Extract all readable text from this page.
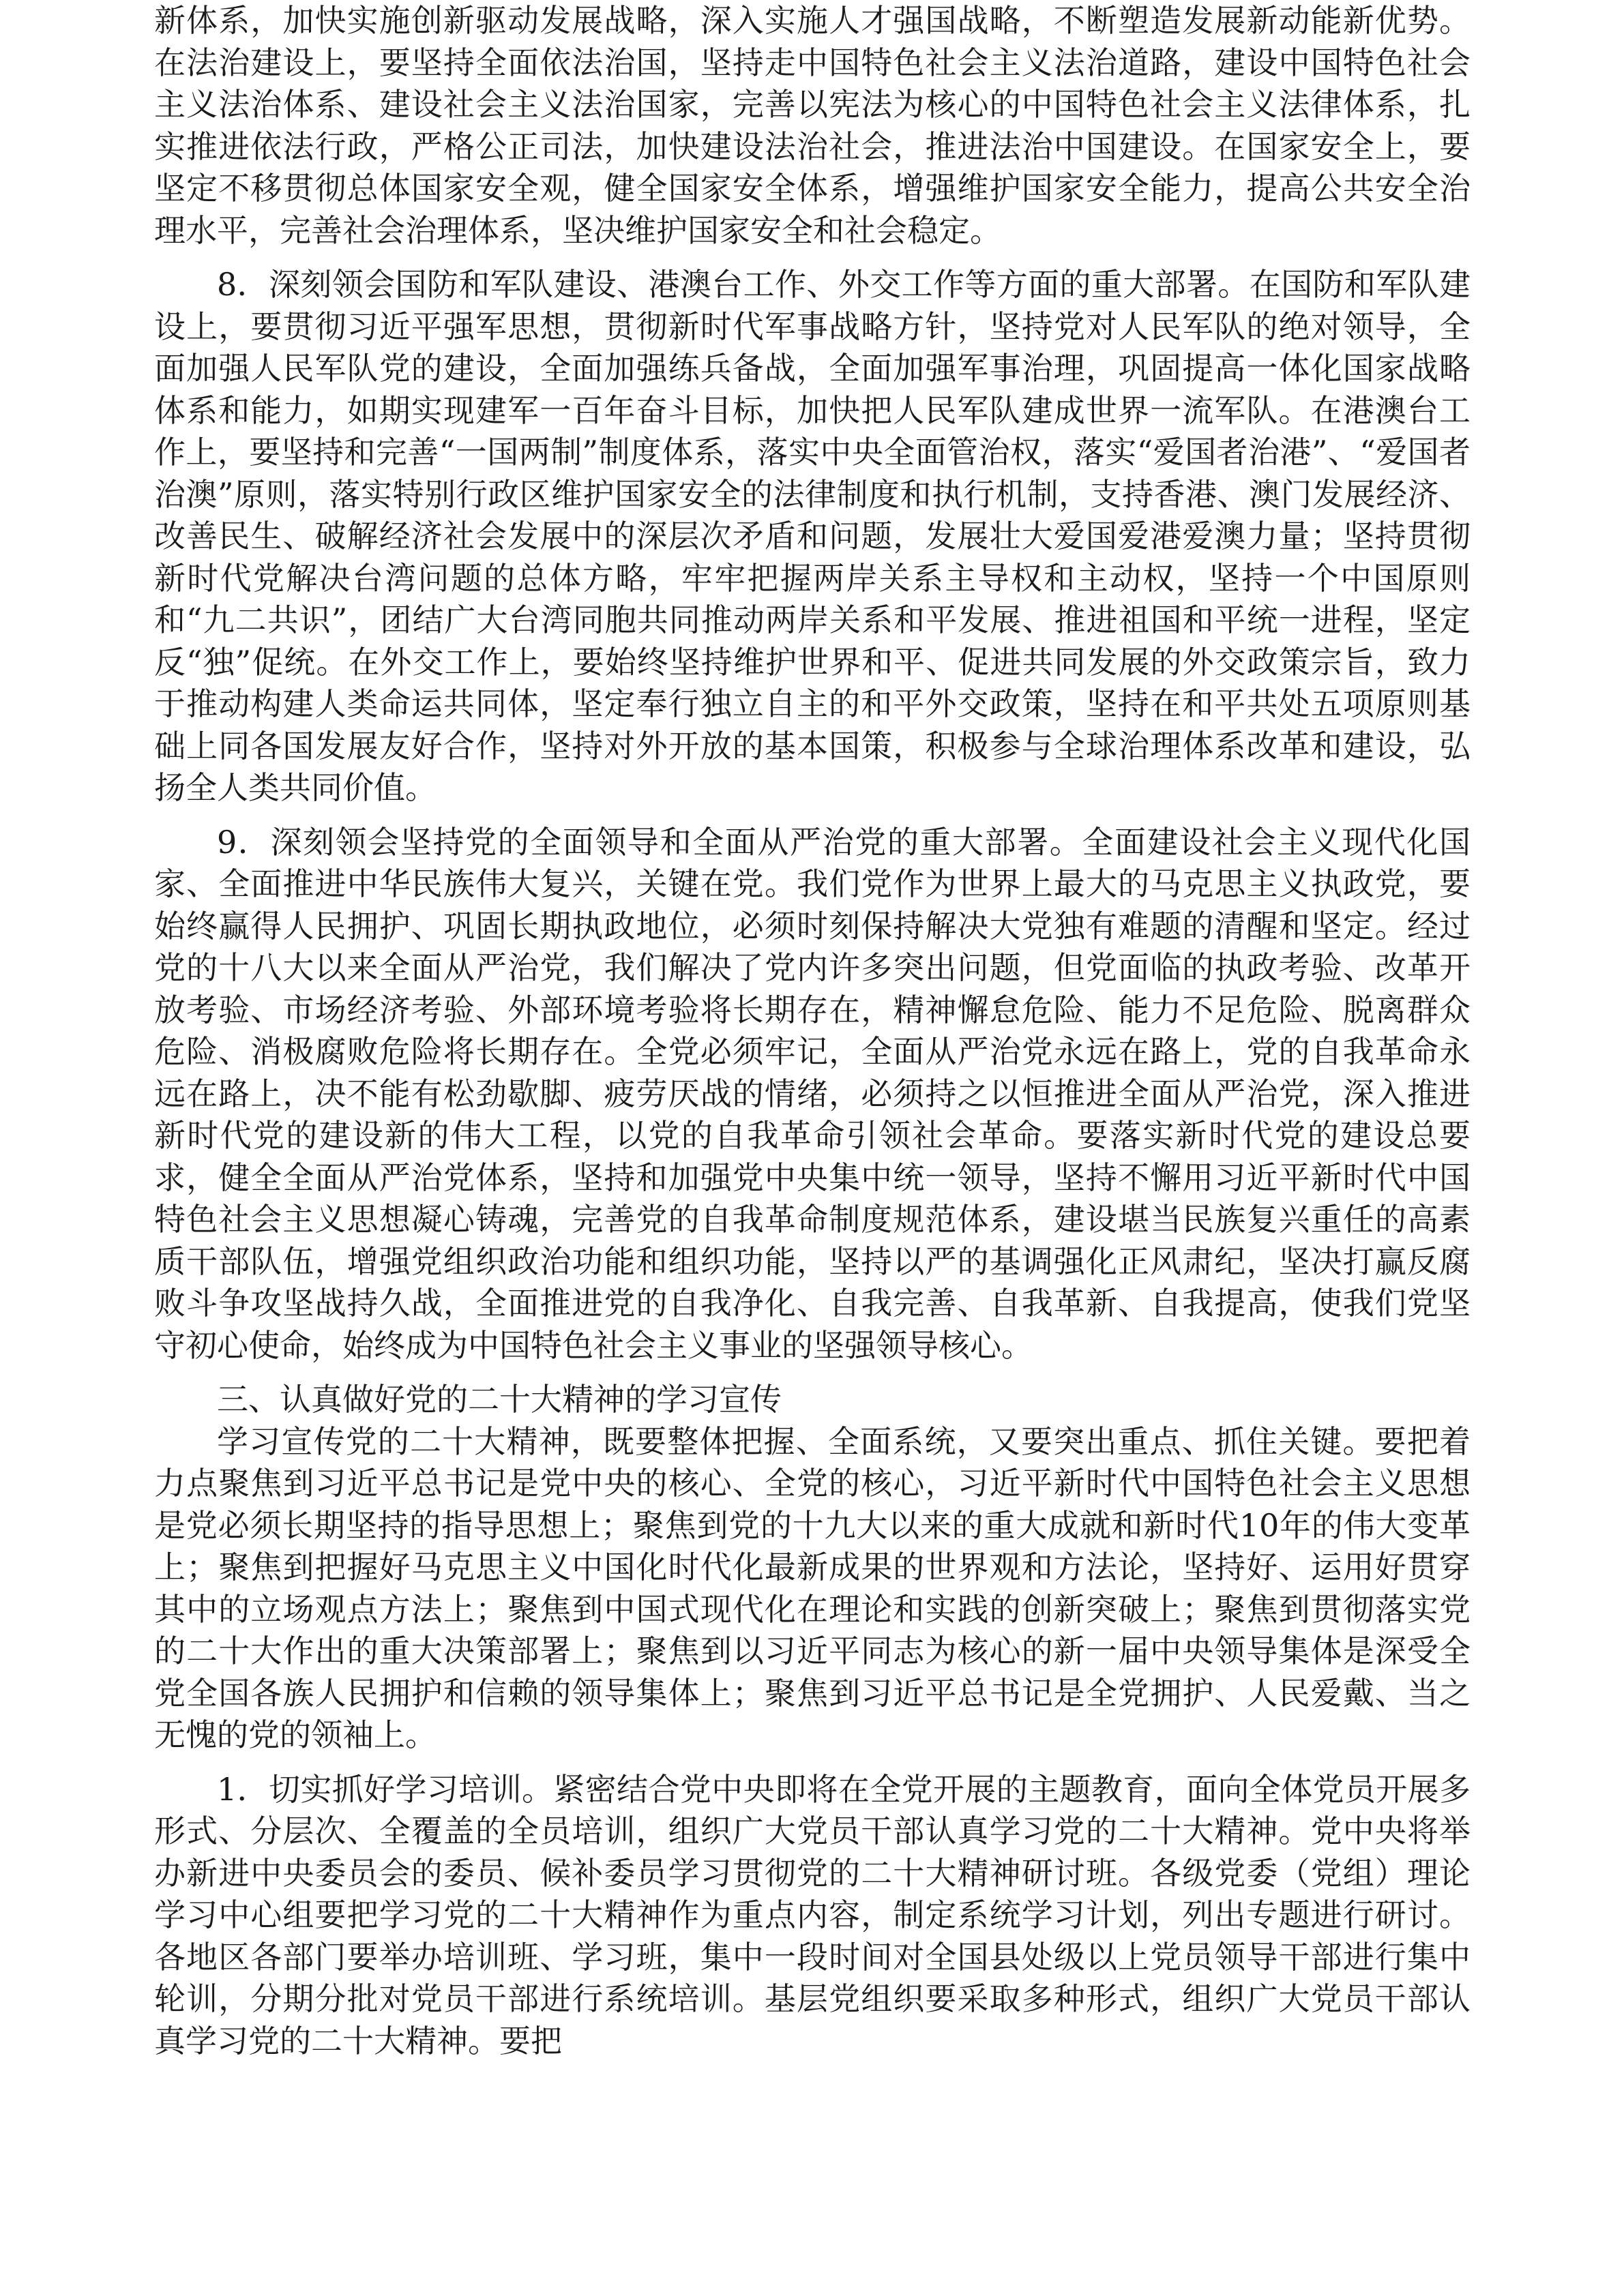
新体系，加快实施创新驱动发展战略，深入实施人才强国战略，不断塑造发展新动能新优势。在法治建设上，要坚持全面依法治国，坚持走中国特色社会主义法治道路，建设中国特色社会主义法治体系、建设社会主义法治国家，完善以宪法为核心的中国特色社会主义法律体系，扎实推进依法行政，严格公正司法，加快建设法治社会，推进法治中国建设。在国家安全上，要坚定不移贯彻总体国家安全观，健全国家安全体系，增强维护国家安全能力，提高公共安全治理水平，完善社会治理体系，坚决维护国家安全和社会稳定。

8．深刻领会国防和军队建设、港澳台工作、外交工作等方面的重大部署。在国防和军队建设上，要贯彻习近平强军思想，贯彻新时代军事战略方针，坚持党对人民军队的绝对领导，全面加强人民军队党的建设，全面加强练兵备战，全面加强军事治理，巩固提高一体化国家战略体系和能力，如期实现建军一百年奋斗目标，加快把人民军队建成世界一流军队。在港澳台工作上，要坚持和完善“一国两制”制度体系，落实中央全面管治权，落实“爱国者治港”、“爱国者治澳”原则，落实特别行政区维护国家安全的法律制度和执行机制，支持香港、澳门发展经济、改善民生、破解经济社会发展中的深层次矛盾和问题，发展壮大爱国爱港爱澳力量；坚持贯彻新时代党解决台湾问题的总体方略，牢牢把握两岸关系主导权和主动权，坚持一个中国原则和“九二共识”，团结广大台湾同胞共同推动两岸关系和平发展、推进祖国和平统一进程，坚定反“独”促统。在外交工作上，要始终坚持维护世界和平、促进共同发展的外交政策宗旨，致力于推动构建人类命运共同体，坚定奉行独立自主的和平外交政策，坚持在和平共处五项原则基础上同各国发展友好合作，坚持对外开放的基本国策，积极参与全球治理体系改革和建设，弘扬全人类共同价值。

9．深刻领会坚持党的全面领导和全面从严治党的重大部署。全面建设社会主义现代化国家、全面推进中华民族伟大复兴，关键在党。我们党作为世界上最大的马克思主义执政党，要始终赢得人民拥护、巩固长期执政地位，必须时刻保持解决大党独有难题的清醒和坚定。经过党的十八大以来全面从严治党，我们解决了党内许多突出问题，但党面临的执政考验、改革开放考验、市场经济考验、外部环境考验将长期存在，精神懈怠危险、能力不足危险、脱离群众危险、消极腐败危险将长期存在。全党必须牢记，全面从严治党永远在路上，党的自我革命永远在路上，决不能有松劲歇脚、疲劳厌战的情绪，必须持之以恒推进全面从严治党，深入推进新时代党的建设新的伟大工程，以党的自我革命引领社会革命。要落实新时代党的建设总要求，健全全面从严治党体系，坚持和加强党中央集中统一领导，坚持不懈用习近平新时代中国特色社会主义思想凝心铸魂，完善党的自我革命制度规范体系，建设堪当民族复兴重任的高素质干部队伍，增强党组织政治功能和组织功能，坚持以严的基调强化正风肃纪，坚决打赢反腐败斗争攻坚战持久战，全面推进党的自我净化、自我完善、自我革新、自我提高，使我们党坚守初心使命，始终成为中国特色社会主义事业的坚强领导核心。

三、认真做好党的二十大精神的学习宣传

学习宣传党的二十大精神，既要整体把握、全面系统，又要突出重点、抓住关键。要把着力点聚焦到习近平总书记是党中央的核心、全党的核心，习近平新时代中国特色社会主义思想是党必须长期坚持的指导思想上；聚焦到党的十九大以来的重大成就和新时代10年的伟大变革上；聚焦到把握好马克思主义中国化时代化最新成果的世界观和方法论，坚持好、运用好贯穿其中的立场观点方法上；聚焦到中国式现代化在理论和实践的创新突破上；聚焦到贯彻落实党的二十大作出的重大决策部署上；聚焦到以习近平同志为核心的新一届中央领导集体是深受全党全国各族人民拥护和信赖的领导集体上；聚焦到习近平总书记是全党拥护、人民爱戴、当之无愧的党的领袖上。

1．切实抓好学习培训。紧密结合党中央即将在全党开展的主题教育，面向全体党员开展多形式、分层次、全覆盖的全员培训，组织广大党员干部认真学习党的二十大精神。党中央将举办新进中央委员会的委员、候补委员学习贯彻党的二十大精神研讨班。各级党委（党组）理论学习中心组要把学习党的二十大精神作为重点内容，制定系统学习计划，列出专题进行研讨。各地区各部门要举办培训班、学习班，集中一段时间对全国县处级以上党员领导干部进行集中轮训，分期分批对党员干部进行系统培训。基层党组织要采取多种形式，组织广大党员干部认真学习党的二十大精神。要把
